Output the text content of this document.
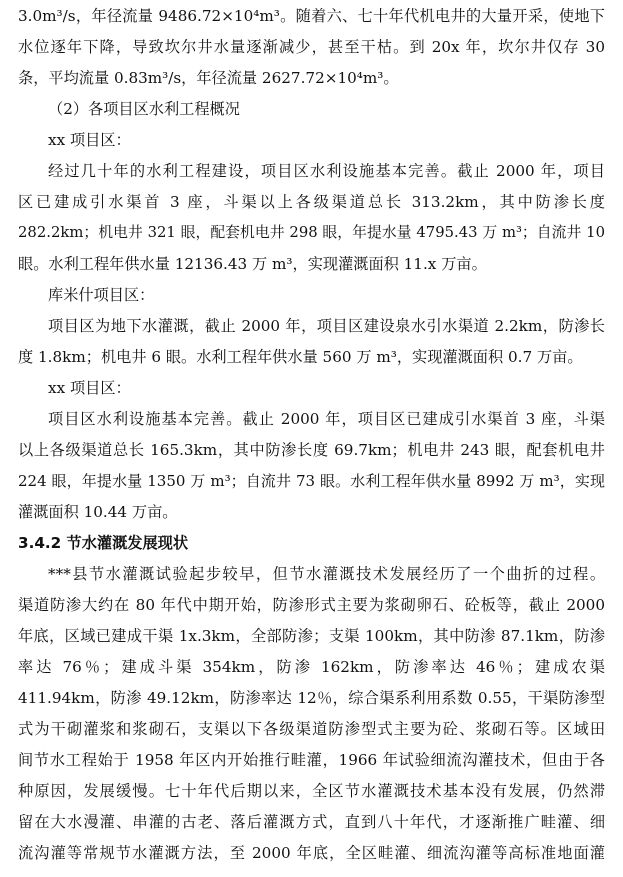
3.0m³/s，年径流量 9486.72×10⁴m³。随着六、七十年代机电井的大量开采，使地下
水位逐年下降，导致坎尔井水量逐渐减少，甚至干枯。到 20x 年，坎尔井仅存 30
条，平均流量 0.83m³/s，年径流量 2627.72×10⁴m³。
（2）各项目区水利工程概况
xx 项目区：
经过几十年的水利工程建设，项目区水利设施基本完善。截止 2000 年，项目
区已建成引水渠首 3 座，斗渠以上各级渠道总长 313.2km，其中防渗长度
282.2km；机电井 321 眼，配套机电井 298 眼，年提水量 4795.43 万 m³；自流井 10
眼。水利工程年供水量 12136.43 万 m³，实现灌溉面积 11.x 万亩。
库米什项目区：
项目区为地下水灌溉，截止 2000 年，项目区建设泉水引水渠道 2.2km，防渗长
度 1.8km；机电井 6 眼。水利工程年供水量 560 万 m³，实现灌溉面积 0.7 万亩。
xx 项目区：
项目区水利设施基本完善。截止 2000 年，项目区已建成引水渠首 3 座，斗渠
以上各级渠道总长 165.3km，其中防渗长度 69.7km；机电井 243 眼，配套机电井
224 眼，年提水量 1350 万 m³；自流井 73 眼。水利工程年供水量 8992 万 m³，实现
灌溉面积 10.44 万亩。
3.4.2 节水灌溉发展现状
***县节水灌溉试验起步较早，但节水灌溉技术发展经历了一个曲折的过程。
渠道防渗大约在 80 年代中期开始，防渗形式主要为浆砌卵石、砼板等，截止 2000
年底，区域已建成干渠 1x.3km，全部防渗；支渠 100km，其中防渗 87.1km，防渗
率达 76％；建成斗渠 354km，防渗 162km，防渗率达 46％；建成农渠
411.94km，防渗 49.12km，防渗率达 12％，综合渠系利用系数 0.55，干渠防渗型
式为干砌灌浆和浆砌石，支渠以下各级渠道防渗型式主要为砼、浆砌石等。区域田
间节水工程始于 1958 年区内开始推行畦灌，1966 年试验细流沟灌技术，但由于各
种原因，发展缓慢。七十年代后期以来，全区节水灌溉技术基本没有发展，仍然滞
留在大水漫灌、串灌的古老、落后灌溉方式，直到八十年代，才逐渐推广畦灌、细
流沟灌等常规节水灌溉方法，至 2000 年底，全区畦灌、细流沟灌等高标准地面灌
